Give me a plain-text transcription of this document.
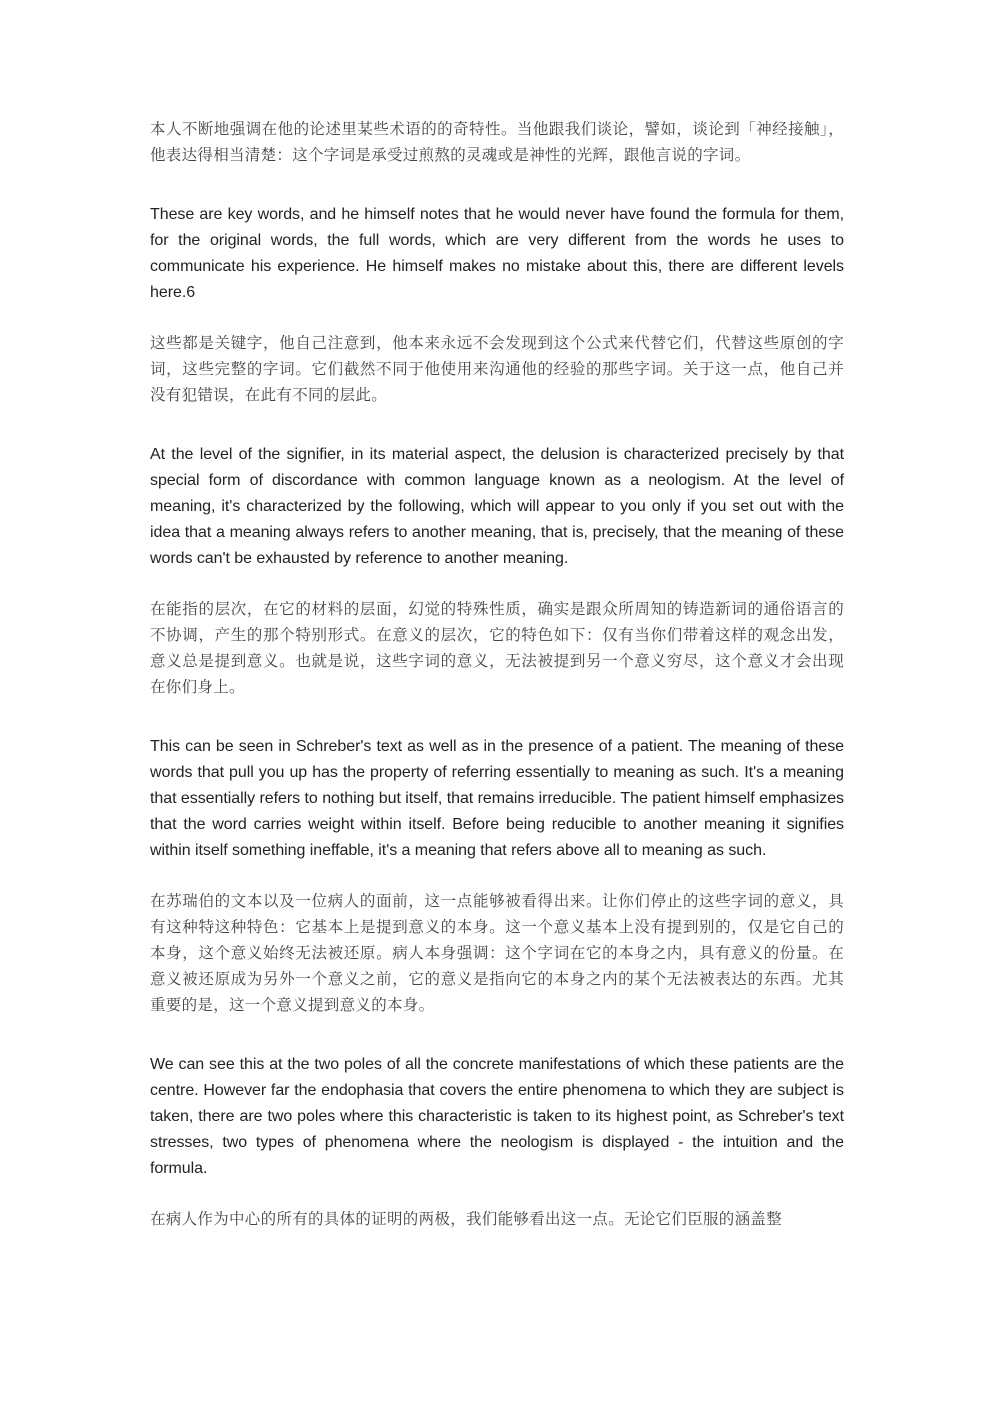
本人不断地强调在他的论述里某些术语的的奇特性。当他跟我们谈论，譬如，谈论到「神经接触」，他表达得相当清楚：这个字词是承受过煎熬的灵魂或是神性的光辉，跟他言说的字词。

These are key words, and he himself notes that he would never have found the formula for them, for the original words, the full words, which are very different from the words he uses to communicate his experience. He himself makes no mistake about this, there are different levels here.6

这些都是关键字，他自己注意到，他本来永远不会发现到这个公式来代替它们，代替这些原创的字词，这些完整的字词。它们截然不同于他使用来沟通他的经验的那些字词。关于这一点，他自己并没有犯错误，在此有不同的层此。

At the level of the signifier, in its material aspect, the delusion is characterized precisely by that special form of discordance with common language known as a neologism. At the level of meaning, it's characterized by the following, which will appear to you only if you set out with the idea that a meaning always refers to another meaning, that is, precisely, that the meaning of these words can't be exhausted by reference to another meaning.

在能指的层次，在它的材料的层面，幻觉的特殊性质，确实是跟众所周知的铸造新词的通俗语言的不协调，产生的那个特别形式。在意义的层次，它的特色如下：仅有当你们带着这样的观念出发，意义总是提到意义。也就是说，这些字词的意义，无法被提到另一个意义穷尽，这个意义才会出现在你们身上。

This can be seen in Schreber's text as well as in the presence of a patient. The meaning of these words that pull you up has the property of referring essentially to meaning as such. It's a meaning that essentially refers to nothing but itself, that remains irreducible. The patient himself emphasizes that the word carries weight within itself. Before being reducible to another meaning it signifies within itself something ineffable, it's a meaning that refers above all to meaning as such.

在苏瑞伯的文本以及一位病人的面前，这一点能够被看得出来。让你们停止的这些字词的意义，具有这种特这种特色：它基本上是提到意义的本身。这一个意义基本上没有提到别的，仅是它自己的本身，这个意义始终无法被还原。病人本身强调：这个字词在它的本身之内，具有意义的份量。在意义被还原成为另外一个意义之前，它的意义是指向它的本身之内的某个无法被表达的东西。尤其重要的是，这一个意义提到意义的本身。

We can see this at the two poles of all the concrete manifestations of which these patients are the centre. However far the endophasia that covers the entire phenomena to which they are subject is taken, there are two poles where this characteristic is taken to its highest point, as Schreber's text stresses, two types of phenomena where the neologism is displayed - the intuition and the formula.

在病人作为中心的所有的具体的证明的两极，我们能够看出这一点。无论它们臣服的涵盖整
